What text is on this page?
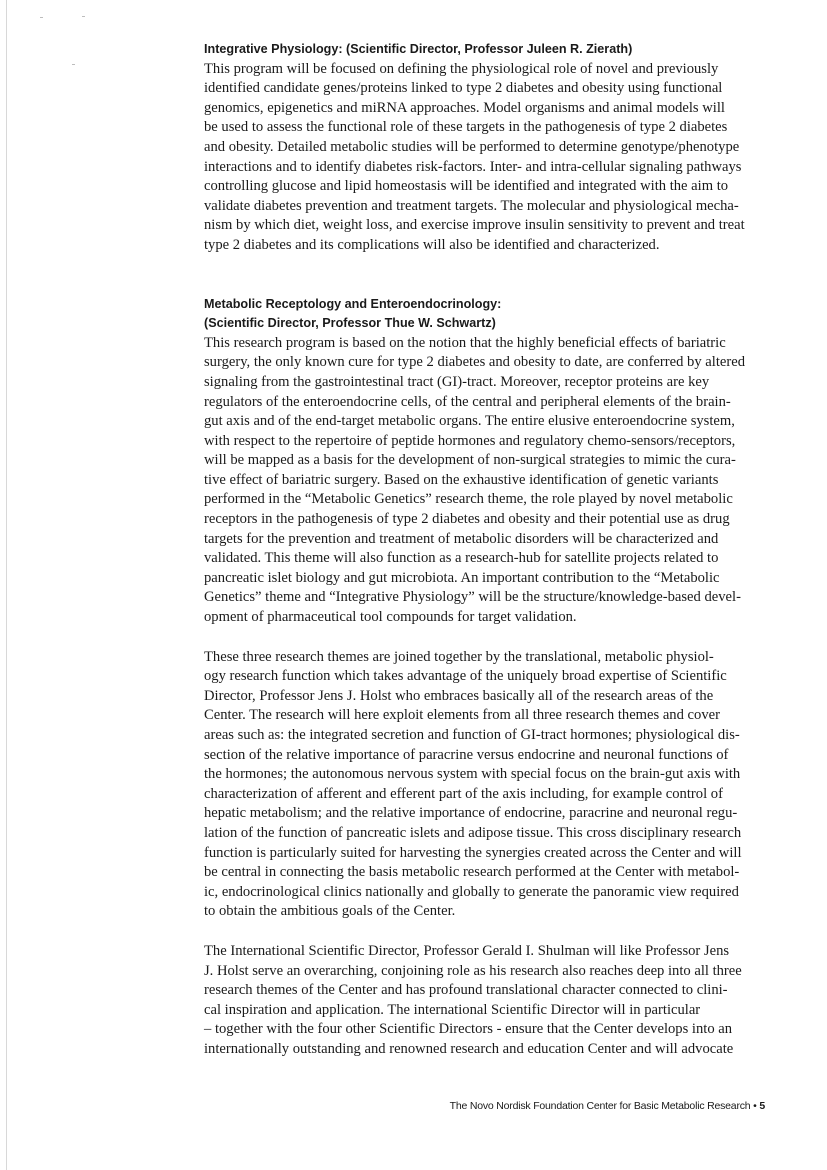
Integrative Physiology: (Scientific Director, Professor Juleen R. Zierath)

This program will be focused on defining the physiological role of novel and previously
identified candidate genes/proteins linked to type 2 diabetes and obesity using functional
genomics, epigenetics and miRNA approaches. Model organisms and animal models will
be used to assess the functional role of these targets in the pathogenesis of type 2 diabetes
and obesity. Detailed metabolic studies will be performed to determine genotype/phenotype
interactions and to identify diabetes risk-factors. Inter- and intra-cellular signaling pathways
controlling glucose and lipid homeostasis will be identified and integrated with the aim to
validate diabetes prevention and treatment targets. The molecular and physiological mecha-
nism by which diet, weight loss, and exercise improve insulin sensitivity to prevent and treat
type 2 diabetes and its complications will also be identified and characterized.

Metabolic Receptology and Enteroendocrinology:
(Scientific Director, Professor Thue W. Schwartz)

This research program is based on the notion that the highly beneficial effects of bariatric
surgery, the only known cure for type 2 diabetes and obesity to date, are conferred by altered
signaling from the gastrointestinal tract (GI)-tract. Moreover, receptor proteins are key
regulators of the enteroendocrine cells, of the central and peripheral elements of the brain-
gut axis and of the end-target metabolic organs. The entire elusive enteroendocrine system,
with respect to the repertoire of peptide hormones and regulatory chemo-sensors/receptors,
will be mapped as a basis for the development of non-surgical strategies to mimic the cura-
tive effect of bariatric surgery. Based on the exhaustive identification of genetic variants
performed in the “Metabolic Genetics” research theme, the role played by novel metabolic
receptors in the pathogenesis of type 2 diabetes and obesity and their potential use as drug
targets for the prevention and treatment of metabolic disorders will be characterized and
validated. This theme will also function as a research-hub for satellite projects related to
pancreatic islet biology and gut microbiota. An important contribution to the “Metabolic
Genetics” theme and “Integrative Physiology” will be the structure/knowledge-based devel-
opment of pharmaceutical tool compounds for target validation.

These three research themes are joined together by the translational, metabolic physiol-
ogy research function which takes advantage of the uniquely broad expertise of Scientific
Director, Professor Jens J. Holst who embraces basically all of the research areas of the
Center. The research will here exploit elements from all three research themes and cover
areas such as: the integrated secretion and function of GI-tract hormones; physiological dis-
section of the relative importance of paracrine versus endocrine and neuronal functions of
the hormones; the autonomous nervous system with special focus on the brain-gut axis with
characterization of afferent and efferent part of the axis including, for example control of
hepatic metabolism; and the relative importance of endocrine, paracrine and neuronal regu-
lation of the function of pancreatic islets and adipose tissue. This cross disciplinary research
function is particularly suited for harvesting the synergies created across the Center and will
be central in connecting the basis metabolic research performed at the Center with metabol-
ic, endocrinological clinics nationally and globally to generate the panoramic view required
to obtain the ambitious goals of the Center.

The International Scientific Director, Professor Gerald I. Shulman will like Professor Jens
J. Holst serve an overarching, conjoining role as his research also reaches deep into all three
research themes of the Center and has profound translational character connected to clini-
cal inspiration and application. The international Scientific Director will in particular
– together with the four other Scientific Directors - ensure that the Center develops into an
internationally outstanding and renowned research and education Center and will advocate

The Novo Nordisk Foundation Center for Basic Metabolic Research • 5
